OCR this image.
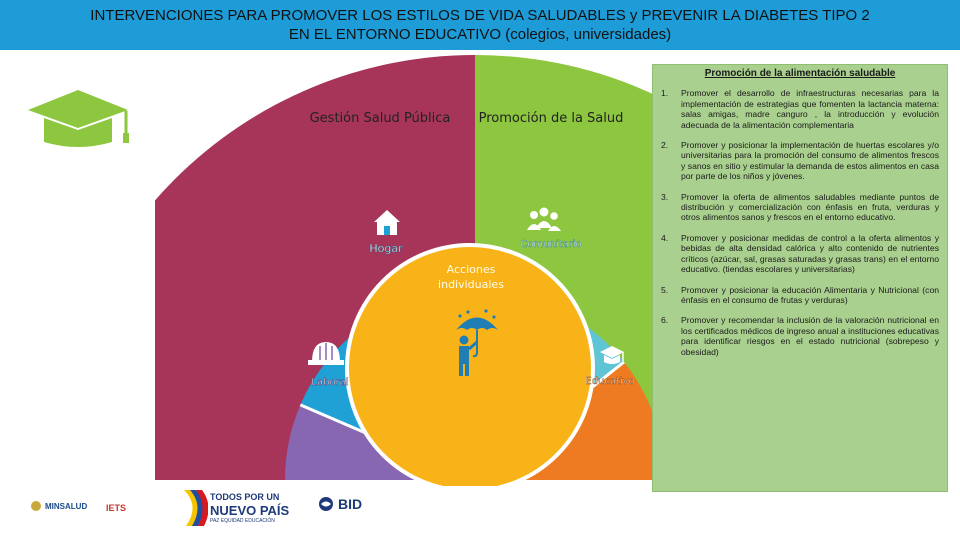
INTERVENCIONES PARA PROMOVER LOS ESTILOS DE VIDA SALUDABLES y PREVENIR LA DIABETES TIPO 2
EN EL ENTORNO EDUCATIVO (colegios, universidades)
Gestión Salud Pública Promoción de la Salud
Hogar	Comunitario
Laboral	Educativo
Acciones
individuales
Promoción de la alimentación saludable
1.	Promover el desarrollo de infraestructuras necesarias para la implementación de estrategias que fomenten la lactancia materna: salas amigas, madre canguro , la introducción y evolución adecuada de la alimentación complementaria
2.	Promover y posicionar la implementación de huertas escolares y/o universitarias para la promoción del consumo de alimentos frescos y sanos en sitio y estimular la demanda de estos alimentos en casa por parte de los niños y jóvenes.
3.	Promover la oferta de alimentos saludables mediante puntos de distribución y comercialización con énfasis en fruta, verduras y otros alimentos sanos y frescos en el entorno educativo.
4.	Promover y posicionar medidas de control a la oferta alimentos y bebidas de alta densidad calórica y alto contenido de nutrientes críticos (azúcar, sal, grasas saturadas y grasas trans) en el entorno educativo. (tiendas escolares y universitarias)
5.	Promover y posicionar la educación Alimentaria y Nutricional (con énfasis en el consumo de frutas y verduras)
6.	Promover y recomendar la inclusión de la valoración nutricional en los certificados médicos de ingreso anual a instituciones educativas para identificar riesgos en el estado nutricional (sobrepeso y obesidad)
MINSALUD IETS
TODOS POR UN
NUEVO PAÍS
PAZ EQUIDAD EDUCACIÓN
BID
